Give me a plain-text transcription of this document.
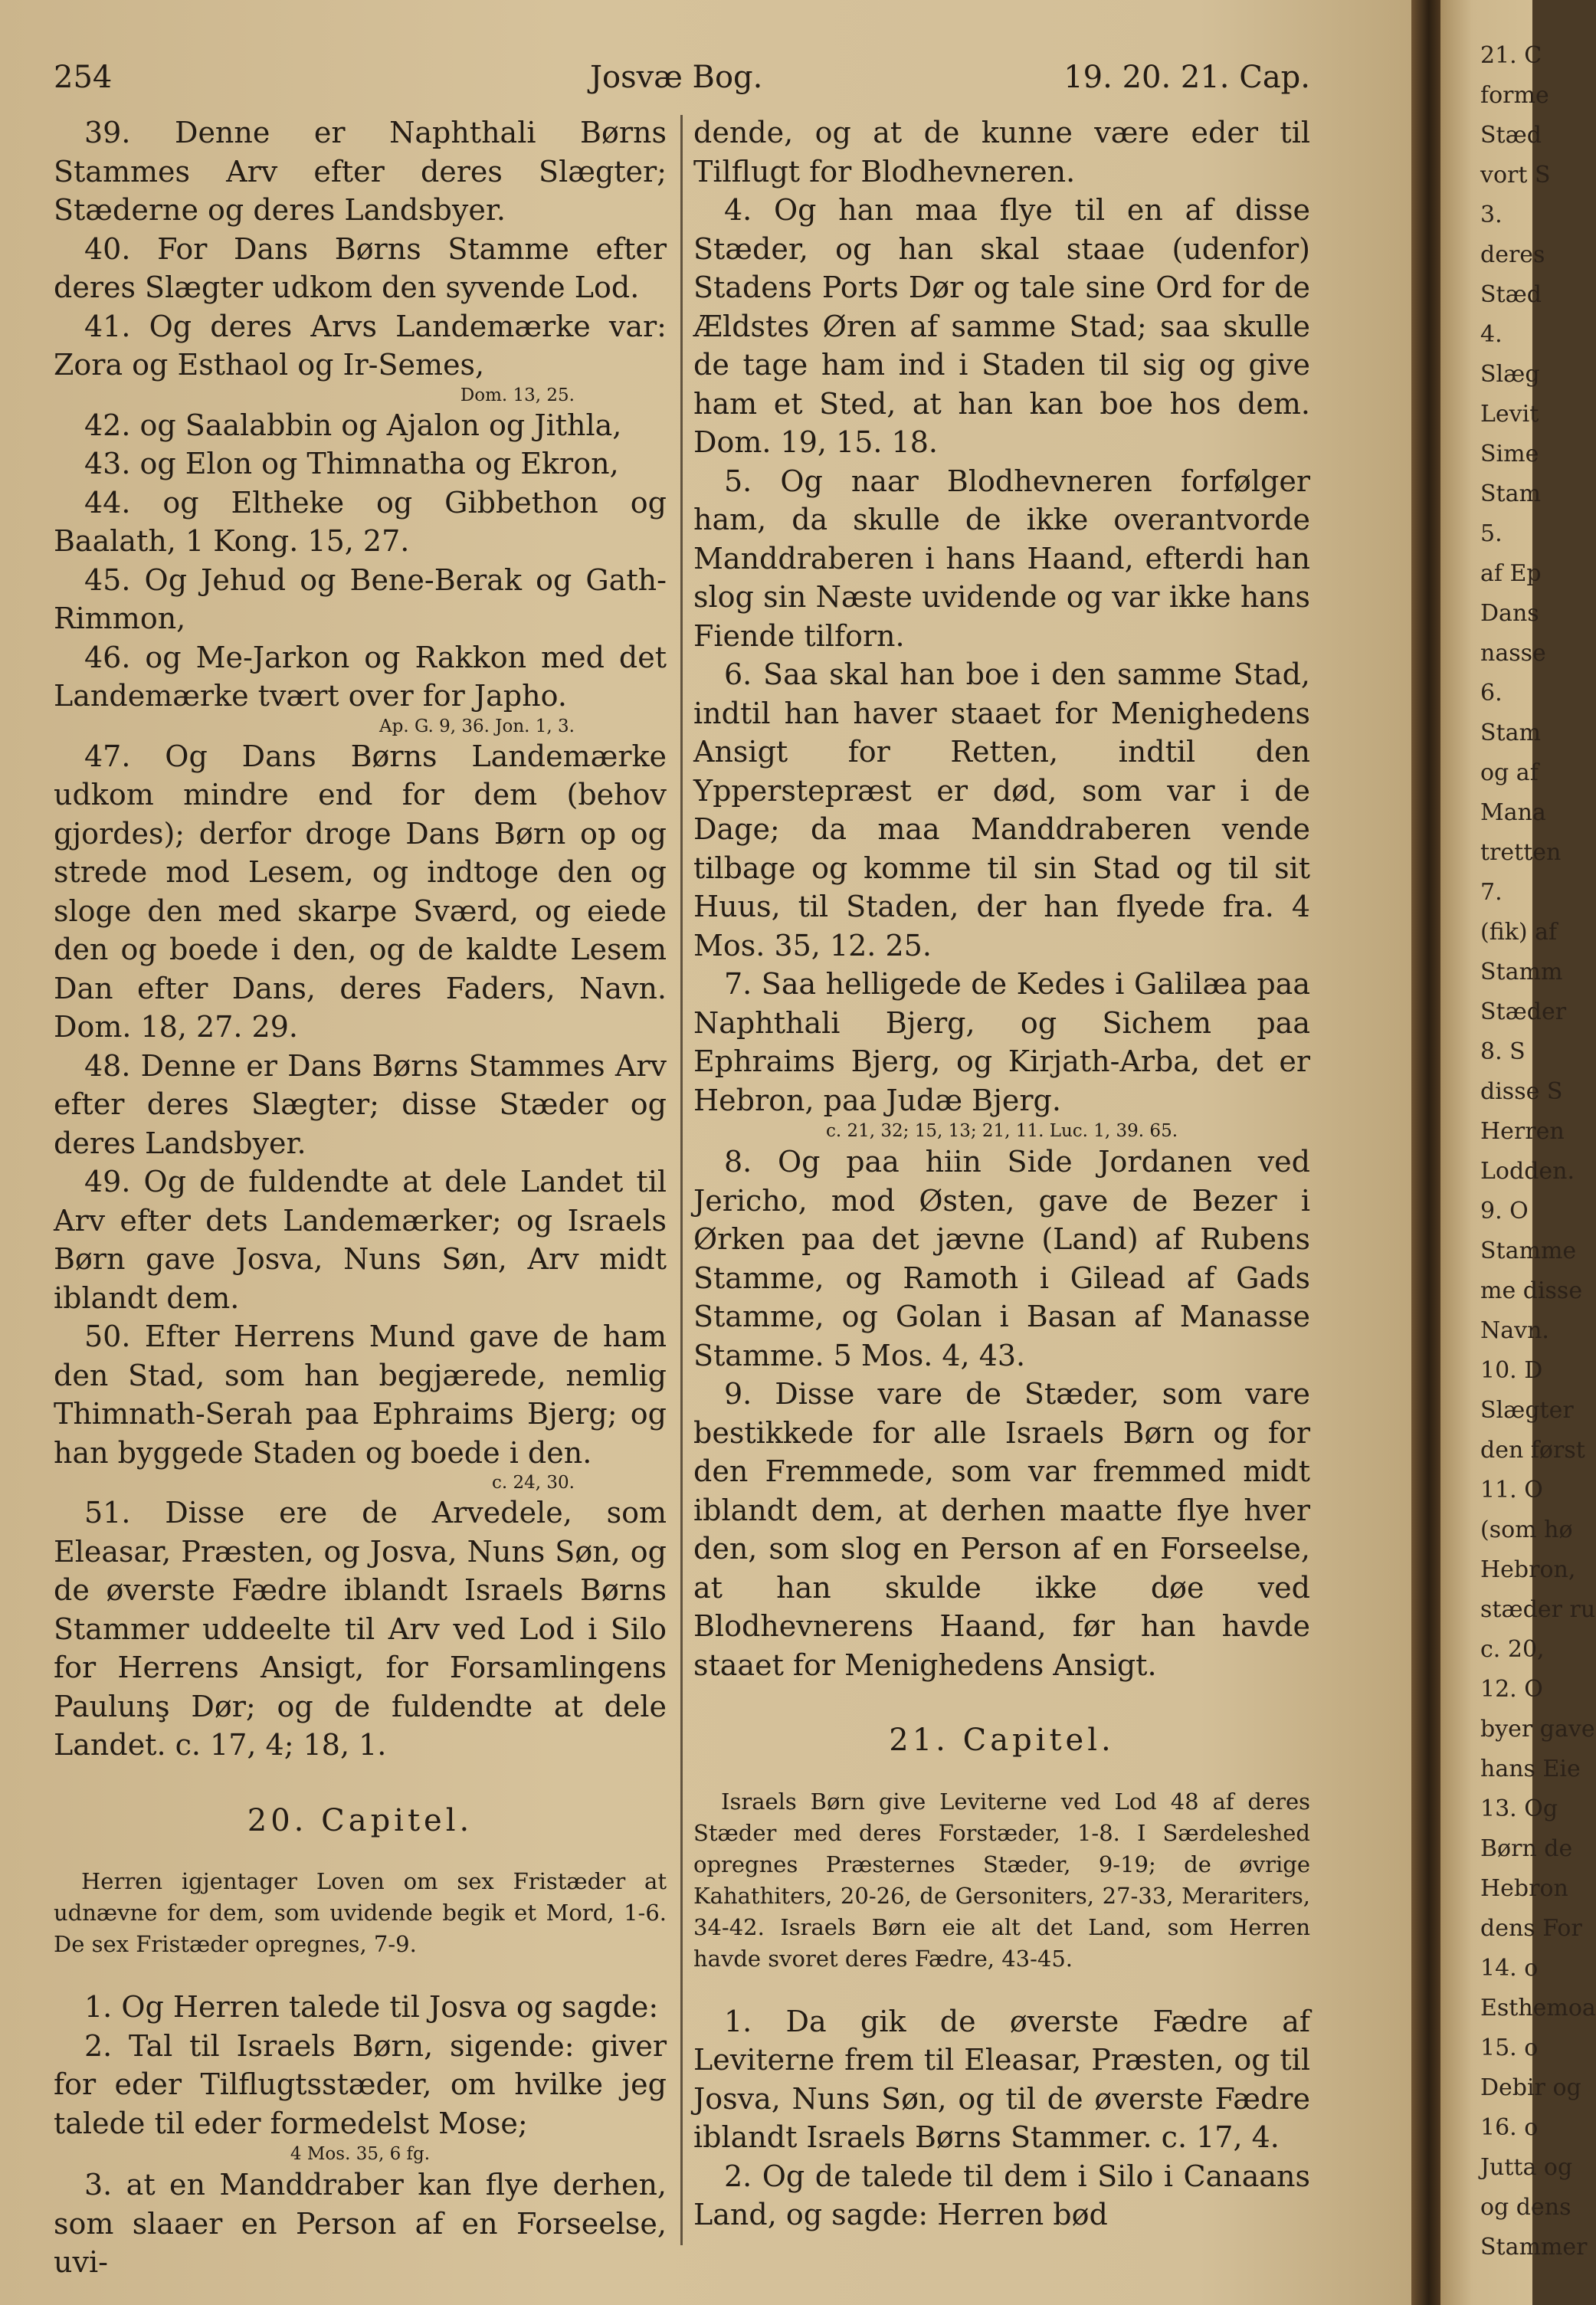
254	Josvæ Bog.	19. 20. 21. Cap.

39. Denne er Naphthali Børns Stammes Arv efter deres Slægter; Stæderne og deres Landsbyer.

40. For Dans Børns Stamme efter deres Slægter udkom den syvende Lod.

41. Og deres Arvs Landemærke var: Zora og Esthaol og Ir-Semes,

Dom. 13, 25.

42. og Saalabbin og Ajalon og Jithla,

43. og Elon og Thimnatha og Ekron,

44. og Eltheke og Gibbethon og Baalath, 1 Kong. 15, 27.

45. Og Jehud og Bene-Berak og Gath-Rimmon,

46. og Me-Jarkon og Rakkon med det Landemærke tvært over for Japho.

Ap. G. 9, 36. Jon. 1, 3.

47. Og Dans Børns Landemærke udkom mindre end for dem (behov gjordes); derfor droge Dans Børn op og strede mod Lesem, og indtoge den og sloge den med skarpe Sværd, og eiede den og boede i den, og de kaldte Lesem Dan efter Dans, deres Faders, Navn. Dom. 18, 27. 29.

48. Denne er Dans Børns Stammes Arv efter deres Slægter; disse Stæder og deres Landsbyer.

49. Og de fuldendte at dele Landet til Arv efter dets Landemærker; og Israels Børn gave Josva, Nuns Søn, Arv midt iblandt dem.

50. Efter Herrens Mund gave de ham den Stad, som han begjærede, nemlig Thimnath-Serah paa Ephraims Bjerg; og han byggede Staden og boede i den.

c. 24, 30.

51. Disse ere de Arvedele, som Eleasar, Præsten, og Josva, Nuns Søn, og de øverste Fædre iblandt Israels Børns Stammer uddeelte til Arv ved Lod i Silo for Herrens Ansigt, for Forsamlingens Paulunş Dør; og de fuldendte at dele Landet. c. 17, 4; 18, 1.

20. Capitel.

Herren igjentager Loven om sex Fristæder at udnævne for dem, som uvidende begik et Mord, 1-6. De sex Fristæder opregnes, 7-9.

1. Og Herren talede til Josva og sagde:

2. Tal til Israels Børn, sigende: giver for eder Tilflugtsstæder, om hvilke jeg talede til eder formedelst Mose;

4 Mos. 35, 6 fg.

3. at en Manddraber kan flye derhen, som slaaer en Person af en Forseelse, uvi-

dende, og at de kunne være eder til Tilflugt for Blodhevneren.

4. Og han maa flye til en af disse Stæder, og han skal staae (udenfor) Stadens Ports Dør og tale sine Ord for de Ældstes Øren af samme Stad; saa skulle de tage ham ind i Staden til sig og give ham et Sted, at han kan boe hos dem. Dom. 19, 15. 18.

5. Og naar Blodhevneren forfølger ham, da skulle de ikke overantvorde Manddraberen i hans Haand, efterdi han slog sin Næste uvidende og var ikke hans Fiende tilforn.

6. Saa skal han boe i den samme Stad, indtil han haver staaet for Menighedens Ansigt for Retten, indtil den Ypperstepræst er død, som var i de Dage; da maa Manddraberen vende tilbage og komme til sin Stad og til sit Huus, til Staden, der han flyede fra. 4 Mos. 35, 12. 25.

7. Saa helligede de Kedes i Galilæa paa Naphthali Bjerg, og Sichem paa Ephraims Bjerg, og Kirjath-Arba, det er Hebron, paa Judæ Bjerg.

c. 21, 32; 15, 13; 21, 11. Luc. 1, 39. 65.

8. Og paa hiin Side Jordanen ved Jericho, mod Østen, gave de Bezer i Ørken paa det jævne (Land) af Rubens Stamme, og Ramoth i Gilead af Gads Stamme, og Golan i Basan af Manasse Stamme. 5 Mos. 4, 43.

9. Disse vare de Stæder, som vare bestikkede for alle Israels Børn og for den Fremmede, som var fremmed midt iblandt dem, at derhen maatte flye hver den, som slog en Person af en Forseelse, at han skulde ikke døe ved Blodhevnerens Haand, før han havde staaet for Menighedens Ansigt.

21. Capitel.

Israels Børn give Leviterne ved Lod 48 af deres Stæder med deres Forstæder, 1-8. I Særdeleshed opregnes Præsternes Stæder, 9-19; de øvrige Kahathiters, 20-26, de Gersoniters, 27-33, Merariters, 34-42. Israels Børn eie alt det Land, som Herren havde svoret deres Fædre, 43-45.

1. Da gik de øverste Fædre af Leviterne frem til Eleasar, Præsten, og til Josva, Nuns Søn, og til de øverste Fædre iblandt Israels Børns Stammer. c. 17, 4.

2. Og de talede til dem i Silo i Canaans Land, og sagde: Herren bød

21. C
forme
Stæd
vort S
3.
deres
Stæd
4.
Slæg
Levit
Sime
Stam
5.
af Ep
Dans
nasse
6.
Stam
og af
Mana
tretten
7.
(fik) af
Stamm
Stæder
8. S
disse S
Herren
Lodden.
9. O
Stamme
me disse
Navn.
10. D
Slægter
den først
11. O
(som hø
Hebron,
stæder ru
c. 20,
12. O
byer gave
hans Eie
13. Og
Børn de
Hebron
dens For
14. o
Esthemoa
15. o
Debir og
16. o
Jutta og
og dens
Stammer
